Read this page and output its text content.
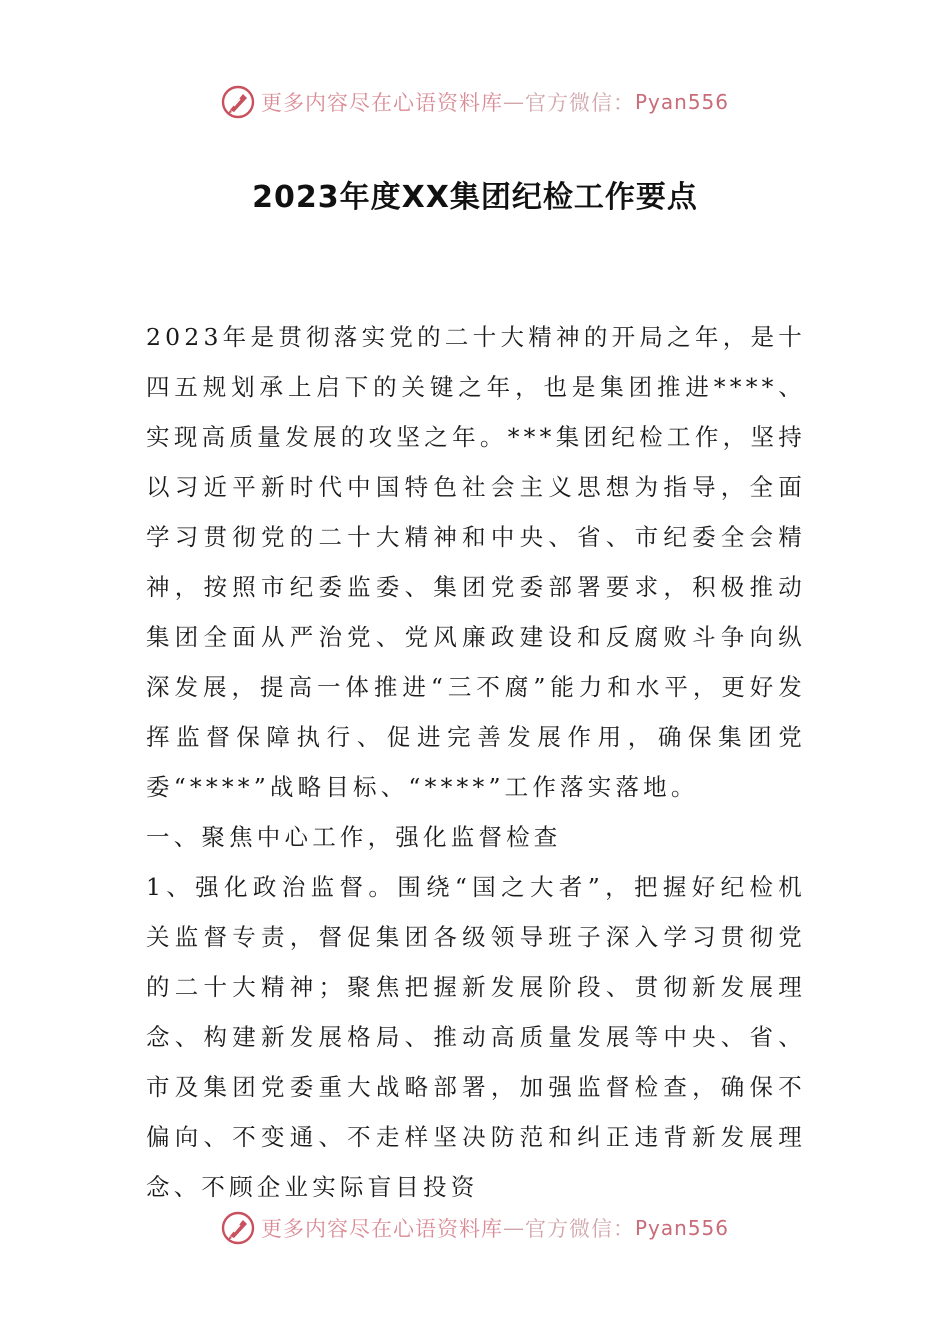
更多内容尽在心语资料库 — 官方微信： Pyan556
2023年度XX集团纪检工作要点

2023年是贯彻落实党的二十大精神的开局之年，是十四五规划承上启下的关键之年，也是集团推进****、实现高质量发展的攻坚之年。***集团纪检工作，坚持以习近平新时代中国特色社会主义思想为指导，全面学习贯彻党的二十大精神和中央、省、市纪委全会精神，按照市纪委监委、集团党委部署要求，积极推动集团全面从严治党、党风廉政建设和反腐败斗争向纵深发展，提高一体推进“三不腐”能力和水平，更好发挥监督保障执行、促进完善发展作用，确保集团党委“****”战略目标、“****”工作落实落地。

一、聚焦中心工作，强化监督检查

1、强化政治监督。围绕“国之大者”，把握好纪检机关监督专责，督促集团各级领导班子深入学习贯彻党的二十大精神；聚焦把握新发展阶段、贯彻新发展理念、构建新发展格局、推动高质量发展等中央、省、市及集团党委重大战略部署，加强监督检查，确保不偏向、不变通、不走样坚决防范和纠正违背新发展理念、不顾企业实际盲目投资

更多内容尽在心语资料库 — 官方微信： Pyan556
